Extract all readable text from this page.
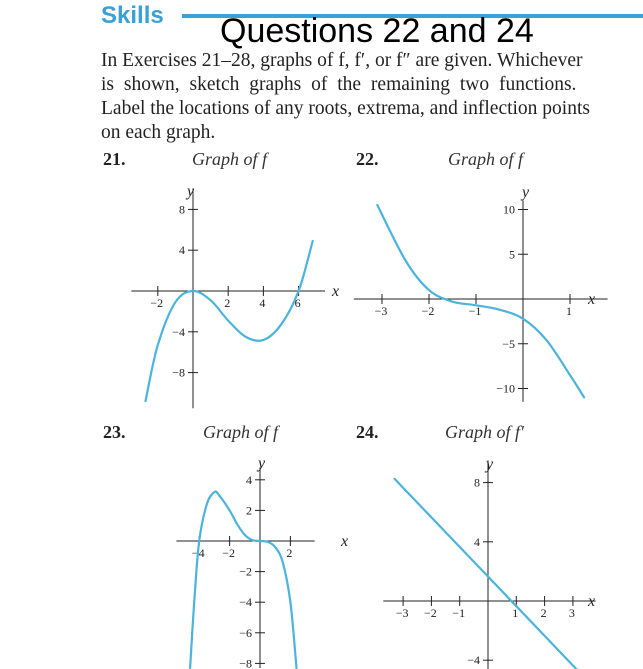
Skills Questions 22 and 24
In Exercises 21–28, graphs of f, f′, or f″ are given. Whichever
is shown, sketch graphs of the remaining two functions.
Label the locations of any roots, extrema, and inflection points
on each graph.
21.	Graph of f	22.	Graph of f
23.	Graph of f	24.	Graph of f′
−2	2 4 6
−8
−4
4
8
x
y
−3	−2	−1	1
−10
−5
5
10
x
y
−4 −2	2
−8
−6
−4
−2
2
4
x
y
−3 −2 −1	1 2 3
−4
4
8
x
y
